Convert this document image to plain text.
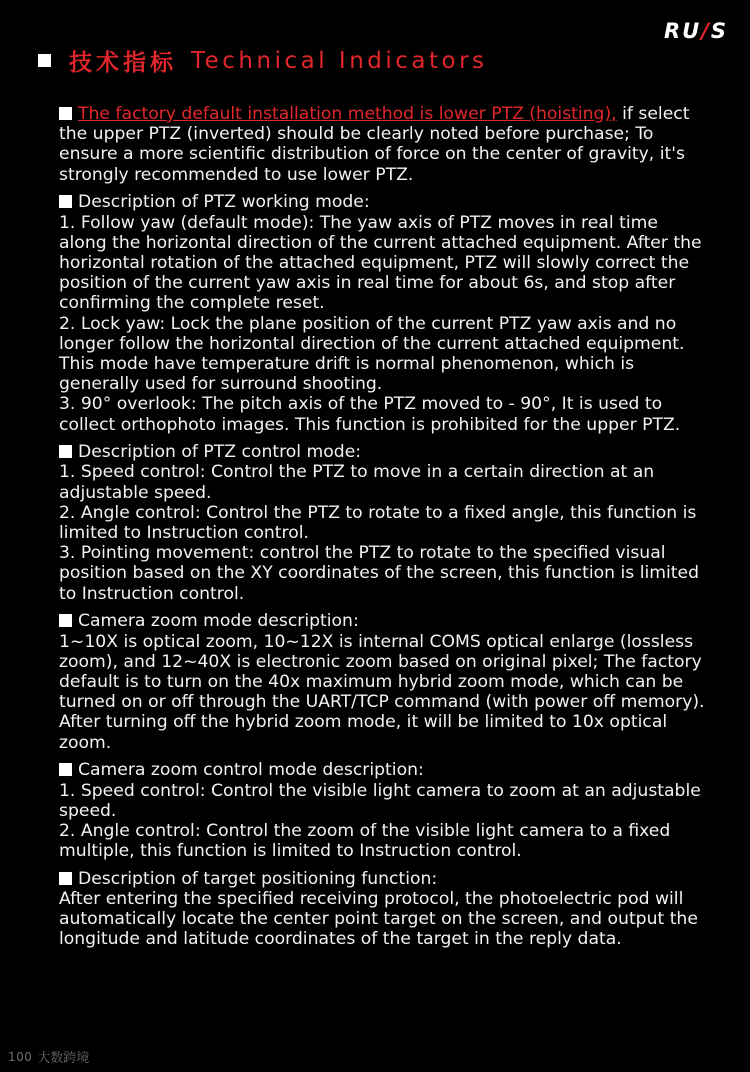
RU/S
技术指标 Technical Indicators

The factory default installation method is lower PTZ (hoisting), if select the upper PTZ (inverted) should be clearly noted before purchase; To ensure a more scientific distribution of force on the center of gravity, it's strongly recommended to use lower PTZ.

Description of PTZ working mode:

1. Follow yaw (default mode): The yaw axis of PTZ moves in real time along the horizontal direction of the current attached equipment. After the horizontal rotation of the attached equipment, PTZ will slowly correct the position of the current yaw axis in real time for about 6s, and stop after confirming the complete reset.

2. Lock yaw: Lock the plane position of the current PTZ yaw axis and no longer follow the horizontal direction of the current attached equipment. This mode have temperature drift is normal phenomenon, which is generally used for surround shooting.

3. 90° overlook: The pitch axis of the PTZ moved to - 90°, It is used to collect orthophoto images. This function is prohibited for the upper PTZ.

Description of PTZ control mode:

1. Speed control: Control the PTZ to move in a certain direction at an adjustable speed.

2. Angle control: Control the PTZ to rotate to a fixed angle, this function is limited to Instruction control.

3. Pointing movement: control the PTZ to rotate to the specified visual position based on the XY coordinates of the screen, this function is limited to Instruction control.

Camera zoom mode description:

1~10X is optical zoom, 10~12X is internal COMS optical enlarge (lossless zoom), and 12~40X is electronic zoom based on original pixel; The factory default is to turn on the 40x maximum hybrid zoom mode, which can be turned on or off through the UART/TCP command (with power off memory). After turning off the hybrid zoom mode, it will be limited to 10x optical zoom.

Camera zoom control mode description:

1. Speed control: Control the visible light camera to zoom at an adjustable speed.

2. Angle control: Control the zoom of the visible light camera to a fixed multiple, this function is limited to Instruction control.

Description of target positioning function:

After entering the specified receiving protocol, the photoelectric pod will automatically locate the center point target on the screen, and output the longitude and latitude coordinates of the target in the reply data.

100 大数跨境
